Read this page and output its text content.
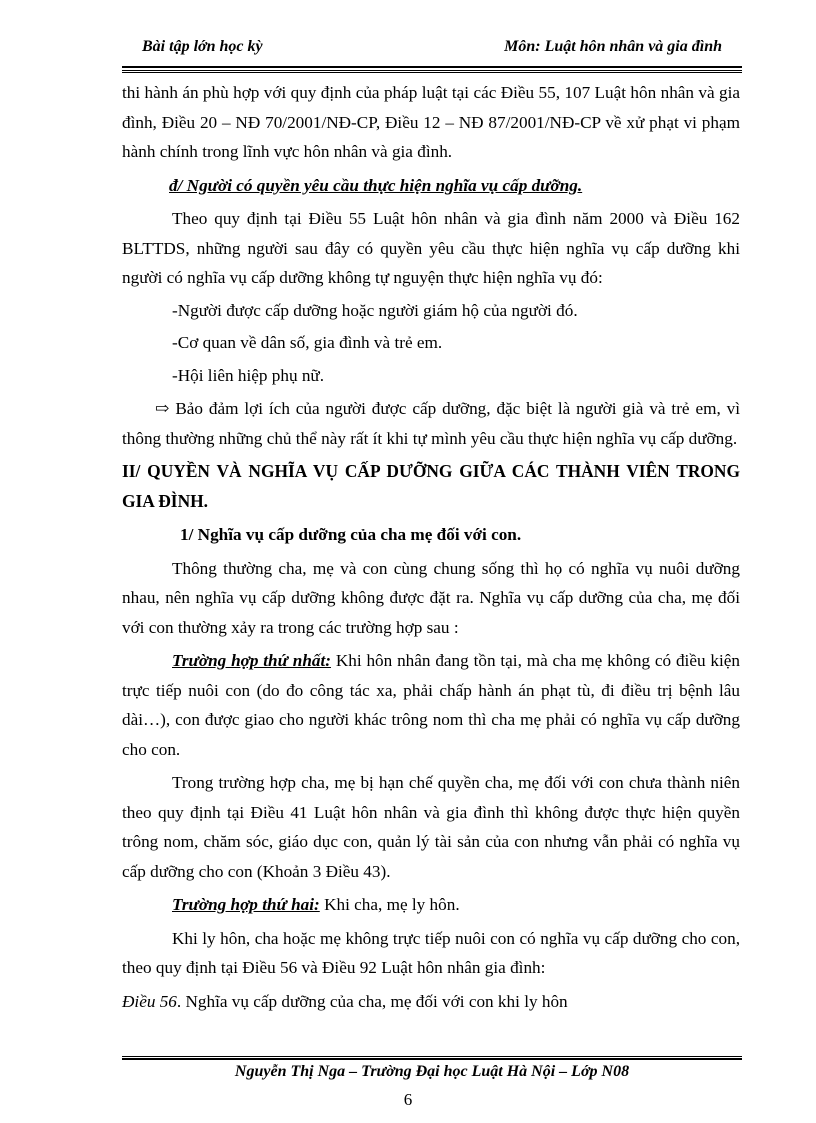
Bài tập lớn học kỳ	Môn: Luật hôn nhân và gia đình

thi hành án phù hợp với quy định của pháp luật tại các Điều 55, 107 Luật hôn nhân và gia đình, Điều 20 – NĐ 70/2001/NĐ-CP, Điều 12 – NĐ 87/2001/NĐ-CP về xử phạt vi phạm hành chính trong lĩnh vực hôn nhân và gia đình.

đ/ Người có quyền yêu cầu thực hiện nghĩa vụ cấp dưỡng.

Theo quy định tại Điều 55 Luật hôn nhân và gia đình năm 2000 và Điều 162 BLTTDS, những người sau đây có quyền yêu cầu thực hiện nghĩa vụ cấp dưỡng khi người có nghĩa vụ cấp dưỡng không tự nguyện thực hiện nghĩa vụ đó:

-Người được cấp dưỡng hoặc người giám hộ của người đó.

-Cơ quan về dân số, gia đình và trẻ em.

-Hội liên hiệp phụ nữ.

⇨ Bảo đảm lợi ích của người được cấp dưỡng, đặc biệt là người già và trẻ em, vì thông thường những chủ thể này rất ít khi tự mình yêu cầu thực hiện nghĩa vụ cấp dưỡng.

II/ QUYỀN VÀ NGHĨA VỤ CẤP DƯỠNG GIỮA CÁC THÀNH VIÊN TRONG GIA ĐÌNH.

1/ Nghĩa vụ cấp dưỡng của cha mẹ đối với con.

Thông thường cha, mẹ và con cùng chung sống thì họ có nghĩa vụ nuôi dưỡng nhau, nên nghĩa vụ cấp dưỡng không được đặt ra. Nghĩa vụ cấp dưỡng của cha, mẹ đối với con thường xảy ra trong các trường hợp sau :

Trường hợp thứ nhất: Khi hôn nhân đang tồn tại, mà cha mẹ không có điều kiện trực tiếp nuôi con (do đo công tác xa, phải chấp hành án phạt tù, đi điều trị bệnh lâu dài…), con được giao cho người khác trông nom thì cha mẹ phải có nghĩa vụ cấp dưỡng cho con.

Trong trường hợp cha, mẹ bị hạn chế quyền cha, mẹ đối với con chưa thành niên theo quy định tại Điều 41 Luật hôn nhân và gia đình thì không được thực hiện quyền trông nom, chăm sóc, giáo dục con, quản lý tài sản của con nhưng vẫn phải có nghĩa vụ cấp dưỡng cho con (Khoản 3 Điều 43).

Trường hợp thứ hai: Khi cha, mẹ ly hôn.

Khi ly hôn, cha hoặc mẹ không trực tiếp nuôi con có nghĩa vụ cấp dưỡng cho con, theo quy định tại Điều 56 và Điều 92 Luật hôn nhân gia đình:

Điều 56. Nghĩa vụ cấp dưỡng của cha, mẹ đối với con khi ly hôn

Nguyễn Thị Nga – Trường Đại học Luật Hà Nội – Lớp N08
6
